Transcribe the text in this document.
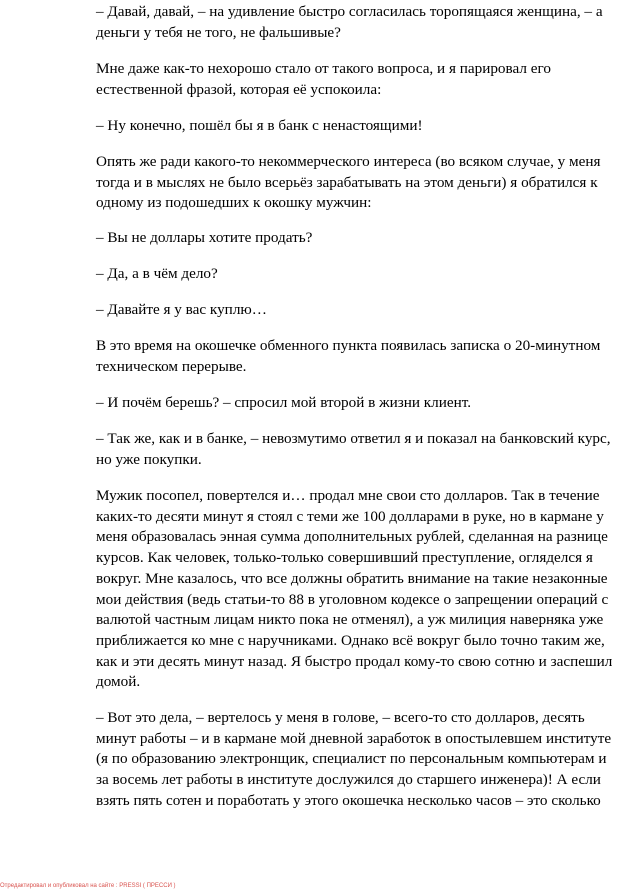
– Давай, давай, – на удивление быстро согласилась торопящаяся женщина, – а

деньги у тебя не того, не фальшивые?

Мне даже как-то нехорошо стало от такого вопроса, и я парировал его

естественной фразой, которая её успокоила:

– Ну конечно, пошёл бы я в банк с ненастоящими!

Опять же ради какого-то некоммерческого интереса (во всяком случае, у меня

тогда и в мыслях не было всерьёз зарабатывать на этом деньги) я обратился к

одному из подошедших к окошку мужчин:

– Вы не доллары хотите продать?

– Да, а в чём дело?

– Давайте я у вас куплю…

В это время на окошечке обменного пункта появилась записка о 20-минутном

техническом перерыве.

– И почём берешь? – спросил мой второй в жизни клиент.

– Так же, как и в банке, – невозмутимо ответил я и показал на банковский курс,

но уже покупки.

Мужик посопел, повертелся и… продал мне свои сто долларов. Так в течение

каких-то десяти минут я стоял с теми же 100 долларами в руке, но в кармане у

меня образовалась энная сумма дополнительных рублей, сделанная на разнице

курсов. Как человек, только-только совершивший преступление, огляделся я

вокруг. Мне казалось, что все должны обратить внимание на такие незаконные

мои действия (ведь статьи-то 88 в уголовном кодексе о запрещении операций с

валютой частным лицам никто пока не отменял), а уж милиция наверняка уже

приближается ко мне с наручниками. Однако всё вокруг было точно таким же,

как и эти десять минут назад. Я быстро продал кому-то свою сотню и заспешил

домой.

– Вот это дела, – вертелось у меня в голове, – всего-то сто долларов, десять

минут работы – и в кармане мой дневной заработок в опостылевшем институте

(я по образованию электронщик, специалист по персональным компьютерам и

за восемь лет работы в институте дослужился до старшего инженера)! А если

взять пять сотен и поработать у этого окошечка несколько часов – это сколько

Отредактировал и опубликовал на сайте : PRESSI ( ПРЕССИ )
